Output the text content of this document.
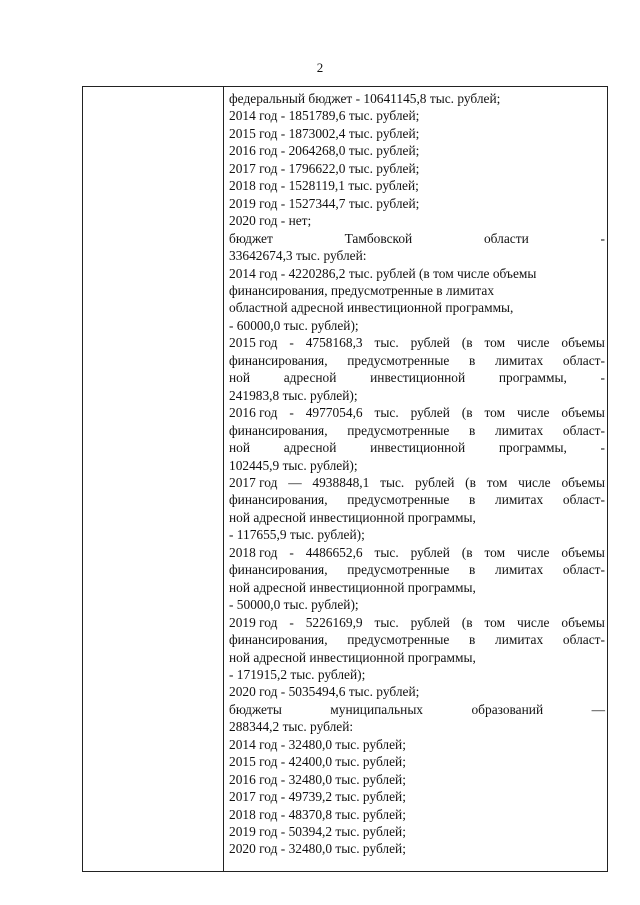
2
федеральный бюджет - 10641145,8 тыс. рублей;
2014 год - 1851789,6 тыс. рублей;
2015 год - 1873002,4 тыс. рублей;
2016 год - 2064268,0 тыс. рублей;
2017 год - 1796622,0 тыс. рублей;
2018 год - 1528119,1 тыс. рублей;
2019 год - 1527344,7 тыс. рублей;
2020 год - нет;
бюджет	Тамбовской	области	-
33642674,3 тыс. рублей:
2014 год - 4220286,2 тыс. рублей (в том числе объемы
финансирования, предусмотренные в лимитах
областной адресной инвестиционной программы,
- 60000,0 тыс. рублей);
2015 год - 4758168,3 тыс. рублей (в том числе объемы
финансирования, предусмотренные в лимитах област-
ной	адресной	инвестиционной	программы,	-
241983,8 тыс. рублей);
2016 год - 4977054,6 тыс. рублей (в том числе объемы
финансирования, предусмотренные в лимитах област-
ной	адресной	инвестиционной	программы,	-
102445,9 тыс. рублей);
2017 год — 4938848,1 тыс. рублей (в том числе объемы
финансирования, предусмотренные в лимитах област-
ной адресной инвестиционной программы,
- 117655,9 тыс. рублей);
2018 год - 4486652,6 тыс. рублей (в том числе объемы
финансирования, предусмотренные в лимитах област-
ной адресной инвестиционной программы,
- 50000,0 тыс. рублей);
2019 год - 5226169,9 тыс. рублей (в том числе объемы
финансирования, предусмотренные в лимитах област-
ной адресной инвестиционной программы,
- 171915,2 тыс. рублей);
2020 год - 5035494,6 тыс. рублей;
бюджеты	муниципальных	образований	—
288344,2 тыс. рублей:
2014 год - 32480,0 тыс. рублей;
2015 год - 42400,0 тыс. рублей;
2016 год - 32480,0 тыс. рублей;
2017 год - 49739,2 тыс. рублей;
2018 год - 48370,8 тыс. рублей;
2019 год - 50394,2 тыс. рублей;
2020 год - 32480,0 тыс. рублей;
